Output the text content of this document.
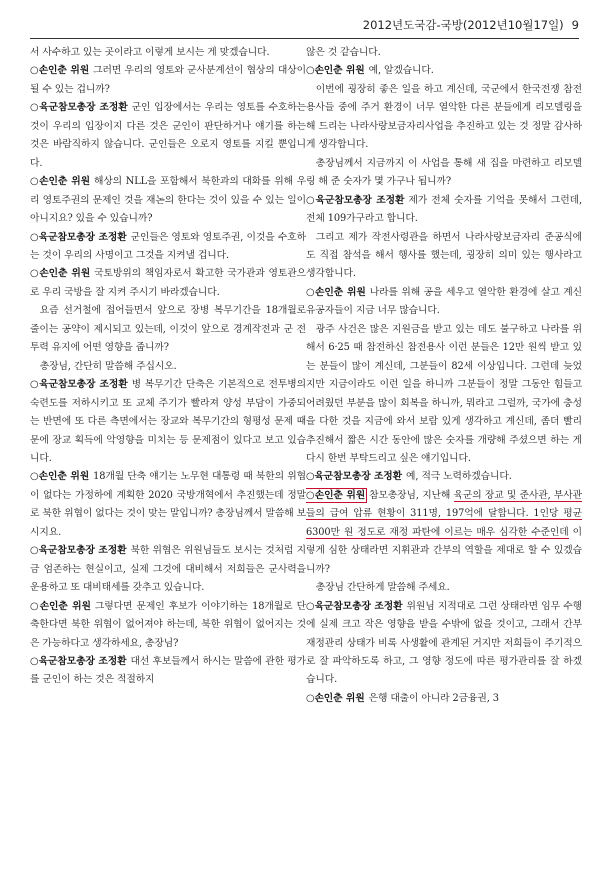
2012년도국감-국방(2012년10월17일) 9

서 사수하고 있는 곳이라고 이렇게 보시는 게 맞겠습니다.

○손인춘 위원 그러면 우리의 영토와 군사분계선이 협상의 대상이 될 수 있는 겁니까?

○육군참모총장 조정환 군인 입장에서는 우리는 영토를 수호하는 것이 우리의 입장이지 다른 것은 군인이 판단하거나 얘기를 하는 것은 바람직하지 않습니다. 군인들은 오로지 영토를 지킬 뿐입니다.

○손인춘 위원 해상의 NLL을 포함해서 북한과의 대화를 위해 우리 영토주권의 문제인 것을 재논의 한다는 것이 있을 수 있는 일이 아니지요? 있을 수 있습니까?

○육군참모총장 조정환 군인들은 영토와 영토주권, 이것을 수호하는 것이 우리의 사명이고 그것을 지켜낼 겁니다.

○손인춘 위원 국토방위의 책임자로서 확고한 국가관과 영토관으로 우리 국방을 잘 지켜 주시기 바라겠습니다.

요즘 선거철에 접어들면서 앞으로 장병 복무기간을 18개월로 줄이는 공약이 제시되고 있는데, 이것이 앞으로 경계작전과 군 전투력 유지에 어떤 영향을 줍니까?

총장님, 간단히 말씀해 주십시오.

○육군참모총장 조정환 병 복무기간 단축은 기본적으로 전투병의 숙련도를 저하시키고 또 교체 주기가 빨라져 양성 부담이 가중되는 반면에 또 다른 측면에서는 장교와 복무기간의 형평성 문제 때문에 장교 획득에 악영향을 미치는 등 문제점이 있다고 보고 있습니다.

○손인춘 위원 18개월 단축 얘기는 노무현 대통령 때 북한의 위협이 없다는 가정하에 계획한 2020 국방개혁에서 추진했는데 정말로 북한 위협이 없다는 것이 맞는 말입니까? 총장님께서 말씀해 보시지요.

○육군참모총장 조정환 북한 위협은 위원님들도 보시는 것처럼 지금 엄존하는 현실이고, 실제 그것에 대비해서 저희들은 군사력을 운용하고 또 대비태세를 갖추고 있습니다.

○손인춘 위원 그렇다면 문제인 후보가 이야기하는 18개월로 단축한다면 북한 위협이 없어져야 하는데, 북한 위협이 없어지는 것은 가능하다고 생각하세요, 총장님?

○육군참모총장 조정환 대선 후보들께서 하시는 말씀에 관한 평가를 군인이 하는 것은 적절하지

않은 것 같습니다.

○손인춘 위원 예, 알겠습니다.

이번에 굉장히 좋은 일을 하고 계신데, 국군에서 한국전쟁 참전용사들 중에 주거 환경이 너무 열악한 다른 분들에게 리모델링을 해 드리는 나라사랑보금자리사업을 추진하고 있는 것 정말 감사하게 생각합니다.

총장님께서 지금까지 이 사업을 통해 새 집을 마련하고 리모델링 해 준 숫자가 몇 가구나 됩니까?

○육군참모총장 조정환 제가 전체 숫자를 기억을 못해서 그런데, 전체 109가구라고 합니다.

그리고 제가 작전사령관을 하면서 나라사랑보금자리 준공식에도 직접 참석을 해서 행사를 했는데, 굉장히 의미 있는 행사라고 생각합니다.

○손인춘 위원 나라를 위해 공을 세우고 열악한 환경에 살고 계신 유공자들이 지금 너무 많습니다.

광주 사건은 많은 지원금을 받고 있는 데도 불구하고 나라를 위해서 6·25 때 참전하신 참전용사 이런 분들은 12만 원씩 받고 있는 분들이 많이 계신데, 그분들이 82세 이상입니다. 그런데 늦었지만 지금이라도 이런 일을 하니까 그분들이 정말 그동안 힘들고 어려웠던 부분을 많이 회복을 하니까, 뭐라고 그럴까, 국가에 충성을 다한 것을 지금에 와서 보람 있게 생각하고 계신데, 좀더 빨리 추진해서 짧은 시간 동안에 많은 숫자를 개량해 주셨으면 하는 게 다시 한번 부탁드리고 싶은 얘기입니다.

○육군참모총장 조정환 예, 적극 노력하겠습니다.

○손인춘 위원 참모총장님, 지난해 육군의 장교 및 준사관, 부사관들의 급여 압류 현황이 311명, 197억에 달합니다. 1인당 평균 6300만 원 정도로 재정 파탄에 이르는 매우 심각한 수준인데 이렇게 심한 상태라면 지휘관과 간부의 역할을 제대로 할 수 있겠습니까?

총장님 간단하게 말씀해 주세요.

○육군참모총장 조정환 위원님 지적대로 그런 상태라면 임무 수행에 실제 크고 작은 영향을 받을 수밖에 없을 것이고, 그래서 간부 재정관리 상태가 비록 사생활에 관계된 거지만 저희들이 주기적으로 잘 파악하도록 하고, 그 영향 정도에 따른 평가관리를 잘 하겠습니다.

○손인춘 위원 은행 대출이 아니라 2금융권, 3
